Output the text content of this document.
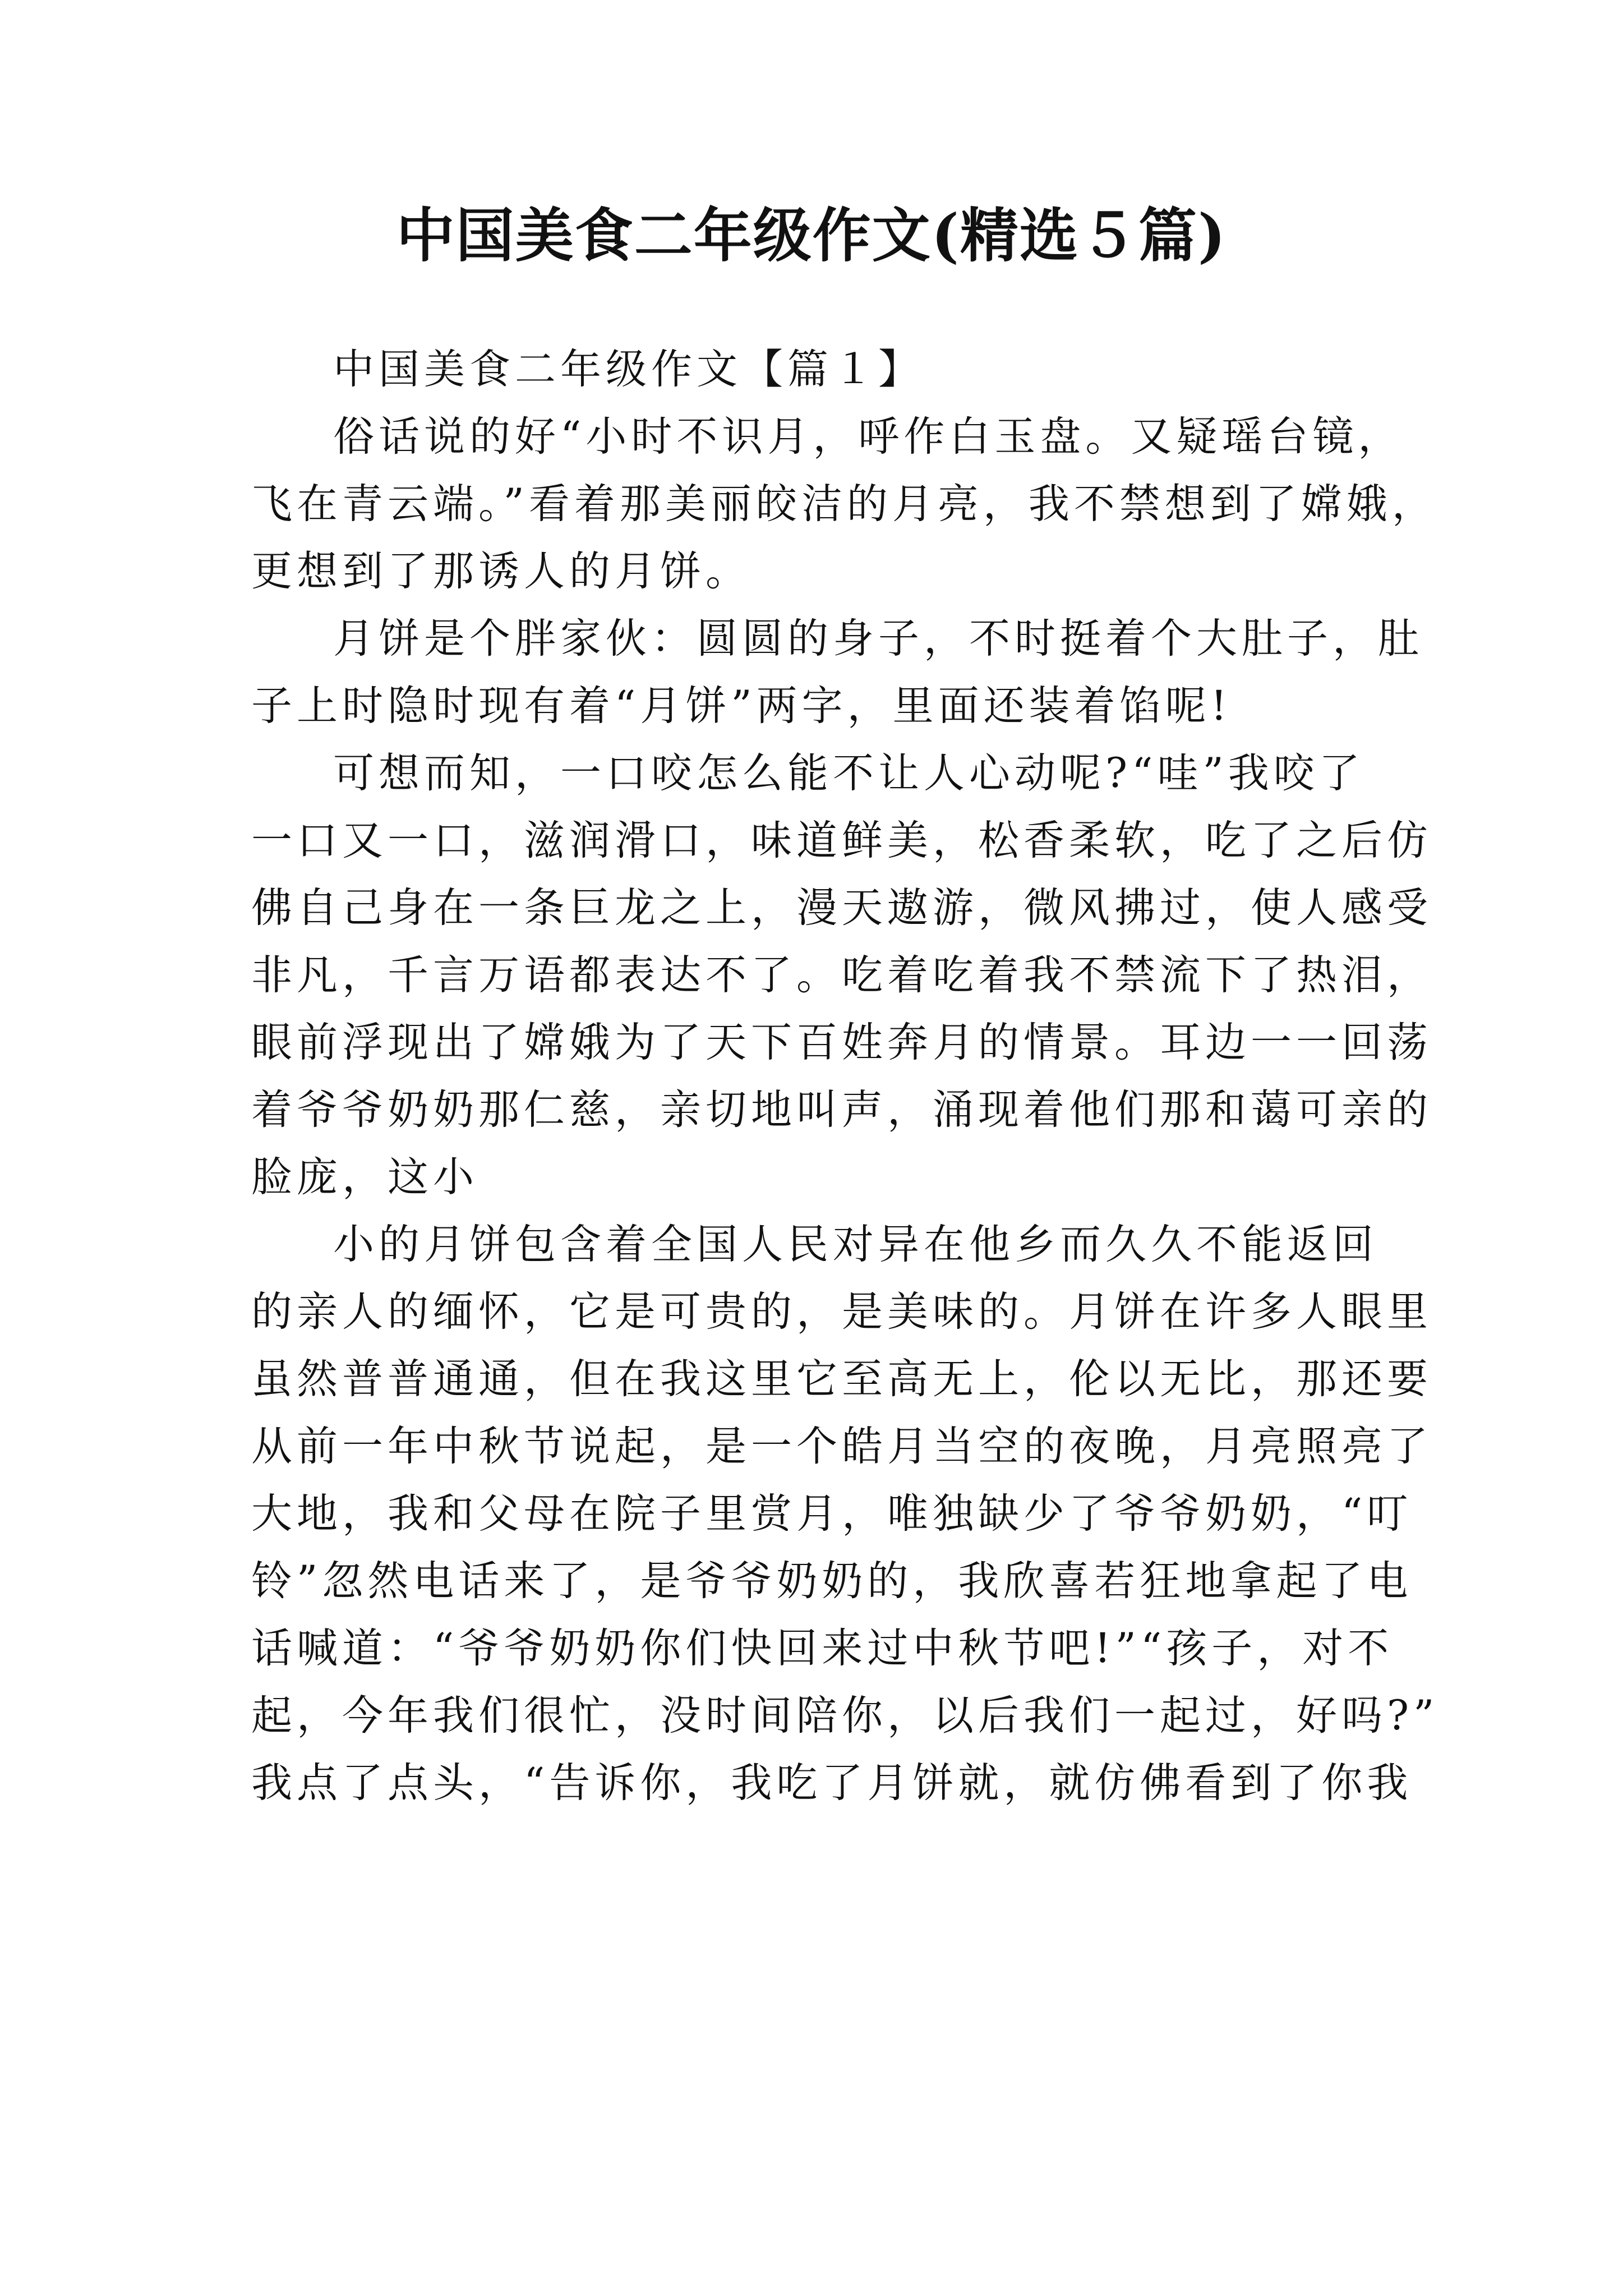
中国美食二年级作文(精选５篇)
中国美食二年级作文【篇１】
俗话说的好“小时不识月，呼作白玉盘。又疑瑶台镜，
飞在青云端。”看着那美丽皎洁的月亮，我不禁想到了嫦娥，
更想到了那诱人的月饼。
月饼是个胖家伙：圆圆的身子，不时挺着个大肚子，肚
子上时隐时现有着“月饼”两字，里面还装着馅呢!
可想而知，一口咬怎么能不让人心动呢?“哇”我咬了
一口又一口，滋润滑口，味道鲜美，松香柔软，吃了之后仿
佛自己身在一条巨龙之上，漫天遨游，微风拂过，使人感受
非凡，千言万语都表达不了。吃着吃着我不禁流下了热泪，
眼前浮现出了嫦娥为了天下百姓奔月的情景。耳边一一回荡
着爷爷奶奶那仁慈，亲切地叫声，涌现着他们那和蔼可亲的
脸庞，这小
小的月饼包含着全国人民对异在他乡而久久不能返回
的亲人的缅怀，它是可贵的，是美味的。月饼在许多人眼里
虽然普普通通，但在我这里它至高无上，伦以无比，那还要
从前一年中秋节说起，是一个皓月当空的夜晚，月亮照亮了
大地，我和父母在院子里赏月，唯独缺少了爷爷奶奶，“叮
铃”忽然电话来了，是爷爷奶奶的，我欣喜若狂地拿起了电
话喊道：“爷爷奶奶你们快回来过中秋节吧!”“孩子，对不
起，今年我们很忙，没时间陪你，以后我们一起过，好吗?”
我点了点头，“告诉你，我吃了月饼就，就仿佛看到了你我
